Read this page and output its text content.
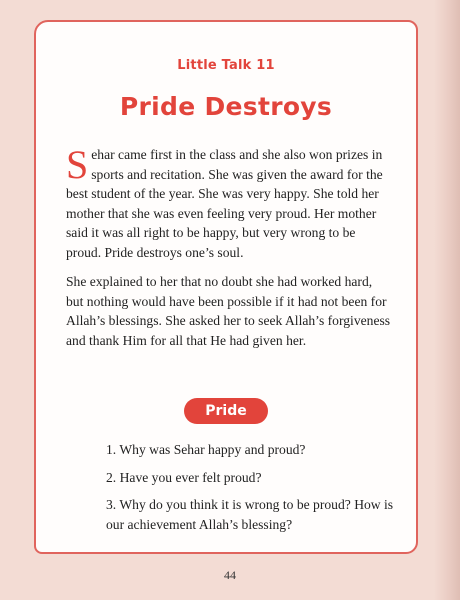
Little Talk 11
Pride Destroys

Sehar came first in the class and she also won prizes in sports and recitation. She was given the award for the best student of the year. She was very happy. She told her mother that she was even feeling very proud. Her mother said it was all right to be happy, but very wrong to be proud. Pride destroys one’s soul.

She explained to her that no doubt she had worked hard, but nothing would have been possible if it had not been for Allah’s blessings. She asked her to seek Allah’s forgiveness and thank Him for all that He had given her.

Pride
1. Why was Sehar happy and proud?
2. Have you ever felt proud?
3. Why do you think it is wrong to be proud? How is our achievement Allah’s blessing?
44
